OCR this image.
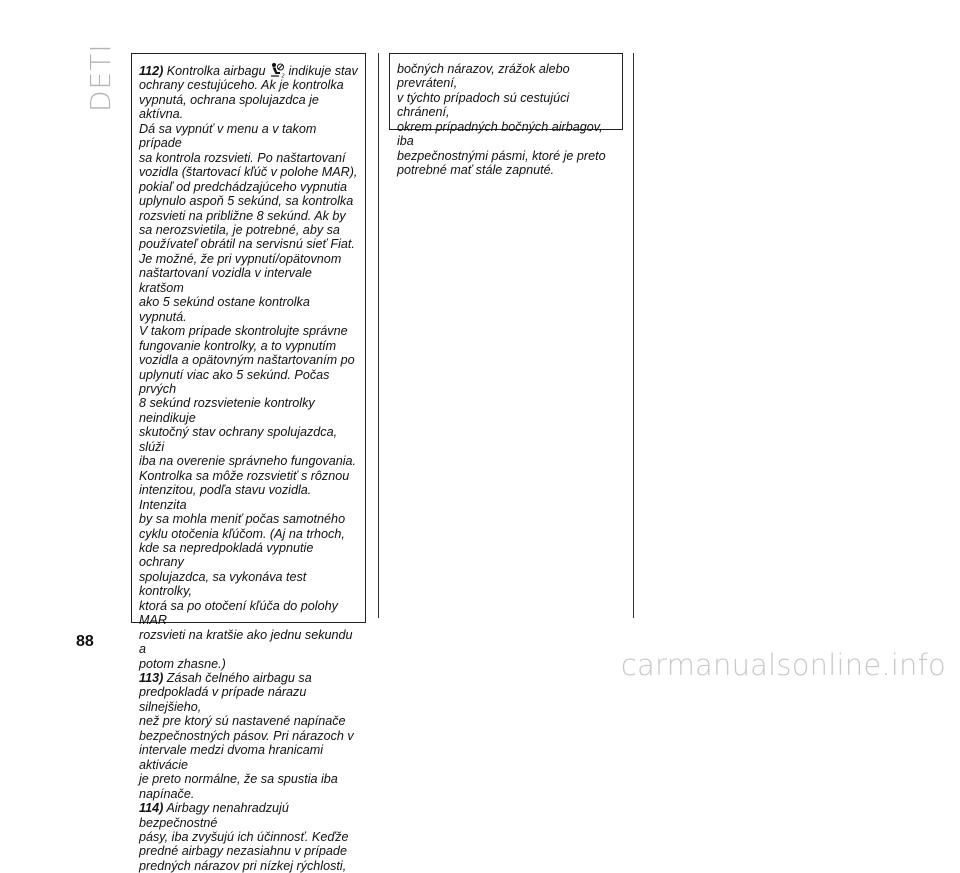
DETI 112) Kontrolka airbagu	2 indikuje stav

ochrany cestujúceho. Ak je kontrolka

vypnutá, ochrana spolujazdca je aktívna.

Dá sa vypnúť v menu a v takom prípade

sa kontrola rozsvieti. Po naštartovaní

vozidla (štartovací kľúč v polohe MAR),

pokiaľ od predchádzajúceho vypnutia

uplynulo aspoň 5 sekúnd, sa kontrolka

rozsvieti na približne 8 sekúnd. Ak by

sa nerozsvietila, je potrebné, aby sa

používateľ obrátil na servisnú sieť Fiat.

Je možné, že pri vypnutí/opätovnom

naštartovaní vozidla v intervale kratšom

ako 5 sekúnd ostane kontrolka vypnutá.

V takom prípade skontrolujte správne

fungovanie kontrolky, a to vypnutím

vozidla a opätovným naštartovaním po

uplynutí viac ako 5 sekúnd. Počas prvých

8 sekúnd rozsvietenie kontrolky neindikuje

skutočný stav ochrany spolujazdca, slúži

iba na overenie správneho fungovania.

Kontrolka sa môže rozsvietiť s rôznou

intenzitou, podľa stavu vozidla. Intenzita

by sa mohla meniť počas samotného

cyklu otočenia kľúčom. (Aj na trhoch,

kde sa nepredpokladá vypnutie ochrany

spolujazdca, sa vykonáva test kontrolky,

ktorá sa po otočení kľúča do polohy MAR

rozsvieti na kratšie ako jednu sekundu a

potom zhasne.)

113) Zásah čelného airbagu sa

predpokladá v prípade nárazu silnejšieho,

než pre ktorý sú nastavené napínače

bezpečnostných pásov. Pri nárazoch v

intervale medzi dvoma hranicami aktivácie

je preto normálne, že sa spustia iba

napínače.

114) Airbagy nenahradzujú bezpečnostné

pásy, iba zvyšujú ich účinnosť. Keďže

predné airbagy nezasiahnu v prípade

predných nárazov pri nízkej rýchlosti,

bočných nárazov, zrážok alebo prevrátení,

v týchto prípadoch sú cestujúci chránení,

okrem prípadných bočných airbagov, iba

bezpečnostnými pásmi, ktoré je preto

potrebné mať stále zapnuté.

88
carmanualsonline.info
